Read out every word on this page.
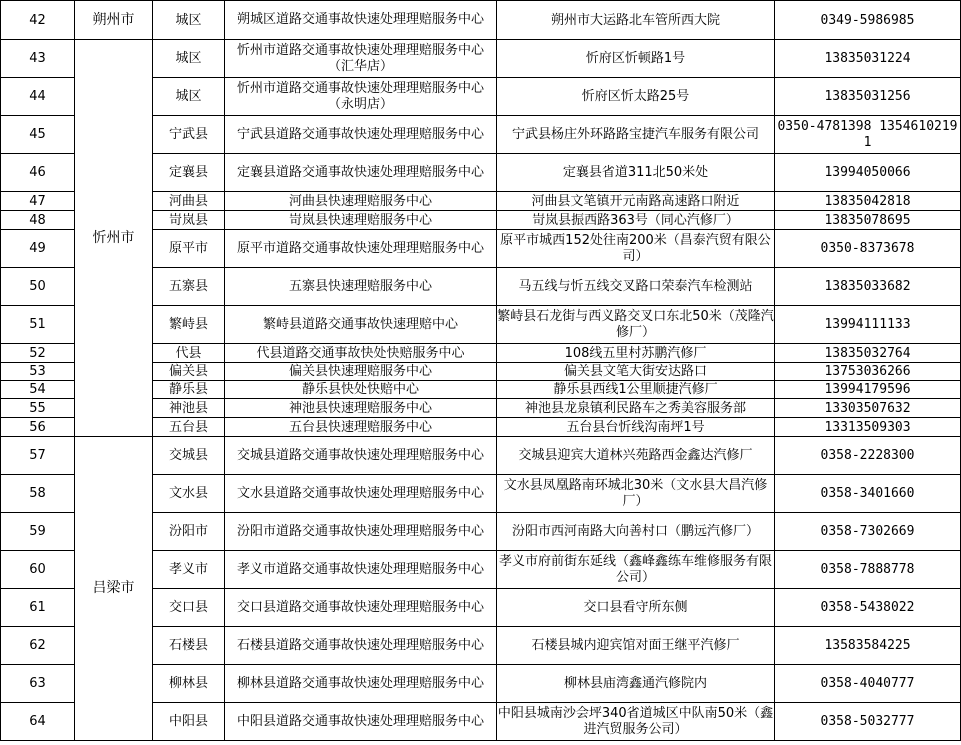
42	朔州市	城区	朔城区道路交通事故快速处理理赔服务中心	朔州市大运路北车管所西大院	0349-5986985
43	忻州市	城区	忻州市道路交通事故快速处理理赔服务中心（汇华店）	忻府区忻顿路1号	13835031224
44		城区	忻州市道路交通事故快速处理理赔服务中心（永明店）	忻府区忻太路25号	13835031256
45		宁武县	宁武县道路交通事故快速处理理赔服务中心	宁武县杨庄外环路路宝捷汽车服务有限公司	0350-4781398 13546102191
46		定襄县	定襄县道路交通事故快速处理理赔服务中心	定襄县省道311北50米处	13994050066
47		河曲县	河曲县快速理赔服务中心	河曲县文笔镇开元南路高速路口附近	13835042818
48		岢岚县	岢岚县快速理赔服务中心	岢岚县振西路363号（同心汽修厂）	13835078695
49		原平市	原平市道路交通事故快速处理理赔服务中心	原平市城西152处往南200米（昌泰汽贸有限公司）	0350-8373678
50		五寨县	五寨县快速理赔服务中心	马五线与忻五线交叉路口荣泰汽车检测站	13835033682
51		繁峙县	繁峙县道路交通事故快速理赔中心	繁峙县石龙街与西义路交叉口东北50米（茂隆汽修厂）	13994111133
52		代县	代县道路交通事故快处快赔服务中心	108线五里村苏鹏汽修厂	13835032764
53		偏关县	偏关县快速理赔服务中心	偏关县文笔大街安达路口	13753036266
54		静乐县	静乐县快处快赔中心	静乐县西线1公里顺捷汽修厂	13994179596
55		神池县	神池县快速理赔服务中心	神池县龙泉镇利民路车之秀美容服务部	13303507632
56		五台县	五台县快速理赔服务中心	五台县台忻线沟南坪1号	13313509303
57	吕梁市	交城县	交城县道路交通事故快速处理理赔服务中心	交城县迎宾大道林兴苑路西金鑫达汽修厂	0358-2228300
58		文水县	文水县道路交通事故快速处理理赔服务中心	文水县凤凰路南环城北30米（文水县大昌汽修厂）	0358-3401660
59		汾阳市	汾阳市道路交通事故快速处理理赔服务中心	汾阳市西河南路大向善村口（鹏远汽修厂）	0358-7302669
60		孝义市	孝义市道路交通事故快速处理理赔服务中心	孝义市府前街东延线（鑫峰鑫练车维修服务有限公司）	0358-7888778
61		交口县	交口县道路交通事故快速处理理赔服务中心	交口县看守所东侧	0358-5438022
62		石楼县	石楼县道路交通事故快速处理理赔服务中心	石楼县城内迎宾馆对面王继平汽修厂	13583584225
63		柳林县	柳林县道路交通事故快速处理理赔服务中心	柳林县庙湾鑫通汽修院内	0358-4040777
64		中阳县	中阳县道路交通事故快速处理理赔服务中心	中阳县城南沙会坪340省道城区中队南50米（鑫进汽贸服务公司）	0358-5032777
